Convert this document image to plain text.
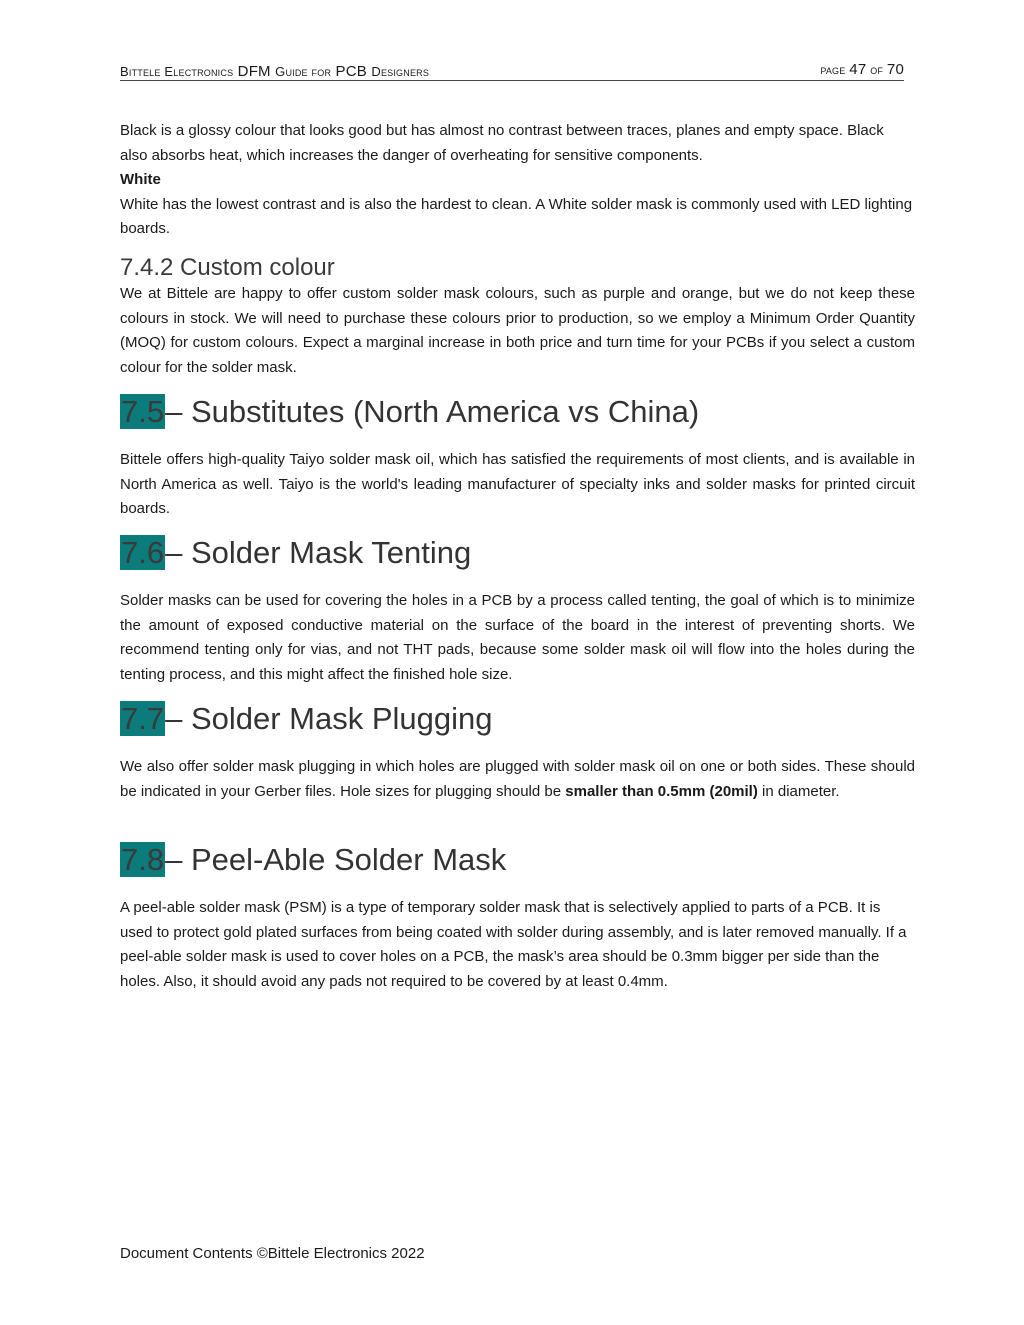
Bittele Electronics DFM Guide for PCB Designers	page 47 of 70

Black is a glossy colour that looks good but has almost no contrast between traces, planes and empty space. Black also absorbs heat, which increases the danger of overheating for sensitive components.

White

White has the lowest contrast and is also the hardest to clean. A White solder mask is commonly used with LED lighting boards.

7.4.2 Custom colour

We at Bittele are happy to offer custom solder mask colours, such as purple and orange, but we do not keep these colours in stock. We will need to purchase these colours prior to production, so we employ a Minimum Order Quantity (MOQ) for custom colours. Expect a marginal increase in both price and turn time for your PCBs if you select a custom colour for the solder mask.

7.5– Substitutes (North America vs China)

Bittele offers high-quality Taiyo solder mask oil, which has satisfied the requirements of most clients, and is available in North America as well. Taiyo is the world's leading manufacturer of specialty inks and solder masks for printed circuit boards.

7.6– Solder Mask Tenting

Solder masks can be used for covering the holes in a PCB by a process called tenting, the goal of which is to minimize the amount of exposed conductive material on the surface of the board in the interest of preventing shorts. We recommend tenting only for vias, and not THT pads, because some solder mask oil will flow into the holes during the tenting process, and this might affect the finished hole size.

7.7– Solder Mask Plugging

We also offer solder mask plugging in which holes are plugged with solder mask oil on one or both sides. These should be indicated in your Gerber files. Hole sizes for plugging should be smaller than 0.5mm (20mil) in diameter.

7.8– Peel-Able Solder Mask

A peel-able solder mask (PSM) is a type of temporary solder mask that is selectively applied to parts of a PCB. It is used to protect gold plated surfaces from being coated with solder during assembly, and is later removed manually. If a peel-able solder mask is used to cover holes on a PCB, the mask’s area should be 0.3mm bigger per side than the holes. Also, it should avoid any pads not required to be covered by at least 0.4mm.

Document Contents ©Bittele Electronics 2022
